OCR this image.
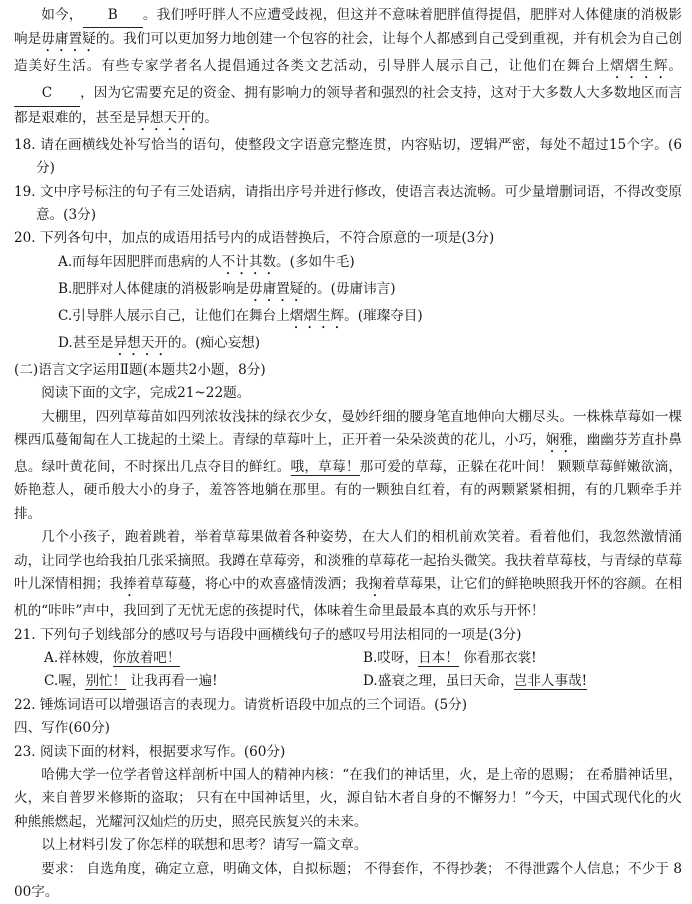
如今， B 。我们呼吁胖人不应遭受歧视，但这并不意味着肥胖值得提倡，肥胖对人体健康的消极影响是毋庸置疑的。我们可以更加努力地创建一个包容的社会，让每个人都感到自己受到重视，并有机会为自己创造美好生活。有些专家学者名人提倡通过各类文艺活动，引导胖人展示自己，让他们在舞台上熠熠生辉。C ，因为它需要充足的资金、拥有影响力的领导者和强烈的社会支持，这对于大多数人大多数地区而言都是艰难的，甚至是异想天开的。

18. 请在画横线处补写恰当的语句，使整段文字语意完整连贯，内容贴切，逻辑严密，每处不超过15个字。(6分)

19. 文中序号标注的句子有三处语病，请指出序号并进行修改，使语言表达流畅。可少量增删词语，不得改变原意。(3分)

20. 下列各句中，加点的成语用括号内的成语替换后，不符合原意的一项是(3分)

A.而每年因肥胖而患病的人不计其数。(多如牛毛)

B.肥胖对人体健康的消极影响是毋庸置疑的。(毋庸讳言)

C.引导胖人展示自己，让他们在舞台上熠熠生辉。(璀璨夺目)

D.甚至是异想天开的。(痴心妄想)

(二)语言文字运用Ⅱ题(本题共2小题，8分)

阅读下面的文字，完成21~22题。

大棚里，四列草莓苗如四列浓妆浅抹的绿衣少女，曼妙纤细的腰身笔直地伸向大棚尽头。一株株草莓如一棵棵西瓜蔓匍匐在人工拢起的土梁上。青绿的草莓叶上，正开着一朵朵淡黄的花儿，小巧，娴雅，幽幽芬芳直扑鼻息。绿叶黄花间，不时探出几点夺目的鲜红。哦，草莓！那可爱的草莓，正躲在花叶间！ 颗颗草莓鲜嫩欲滴，娇艳惹人，硬币般大小的身子，羞答答地躺在那里。有的一颗独自红着，有的两颗紧紧相拥，有的几颗牵手并排。

几个小孩子，跑着跳着，举着草莓果做着各种姿势，在大人们的相机前欢笑着。看着他们，我忽然激情涌动，让同学也给我拍几张采摘照。我蹲在草莓旁，和淡雅的草莓花一起抬头微笑。我扶着草莓枝，与青绿的草莓叶儿深情相拥；我捧着草莓蔓，将心中的欢喜盛情泼洒；我掬着草莓果，让它们的鲜艳映照我开怀的容颜。在相机的“咔咔”声中，我回到了无忧无虑的孩提时代，体味着生命里最最本真的欢乐与开怀！

21. 下列句子划线部分的感叹号与语段中画横线句子的感叹号用法相同的一项是(3分)

A.祥林嫂，你放着吧！	B.哎呀，日本！ 你看那衣裳!
C.喔，别忙！ 让我再看一遍!	D.盛衰之理，虽曰天命，岂非人事哉!

22. 锤炼词语可以增强语言的表现力。请赏析语段中加点的三个词语。(5分)

四、写作(60分)

23. 阅读下面的材料，根据要求写作。(60分)

哈佛大学一位学者曾这样剖析中国人的精神内核：“在我们的神话里，火，是上帝的恩赐； 在希腊神话里，火，来自普罗米修斯的盗取； 只有在中国神话里，火，源自钻木者自身的不懈努力！”今天，中国式现代化的火种熊熊燃起，光耀河汉灿烂的历史，照亮民族复兴的未来。

以上材料引发了你怎样的联想和思考？请写一篇文章。

要求： 自选角度，确定立意，明确文体，自拟标题； 不得套作，不得抄袭； 不得泄露个人信息；不少于 800字。
